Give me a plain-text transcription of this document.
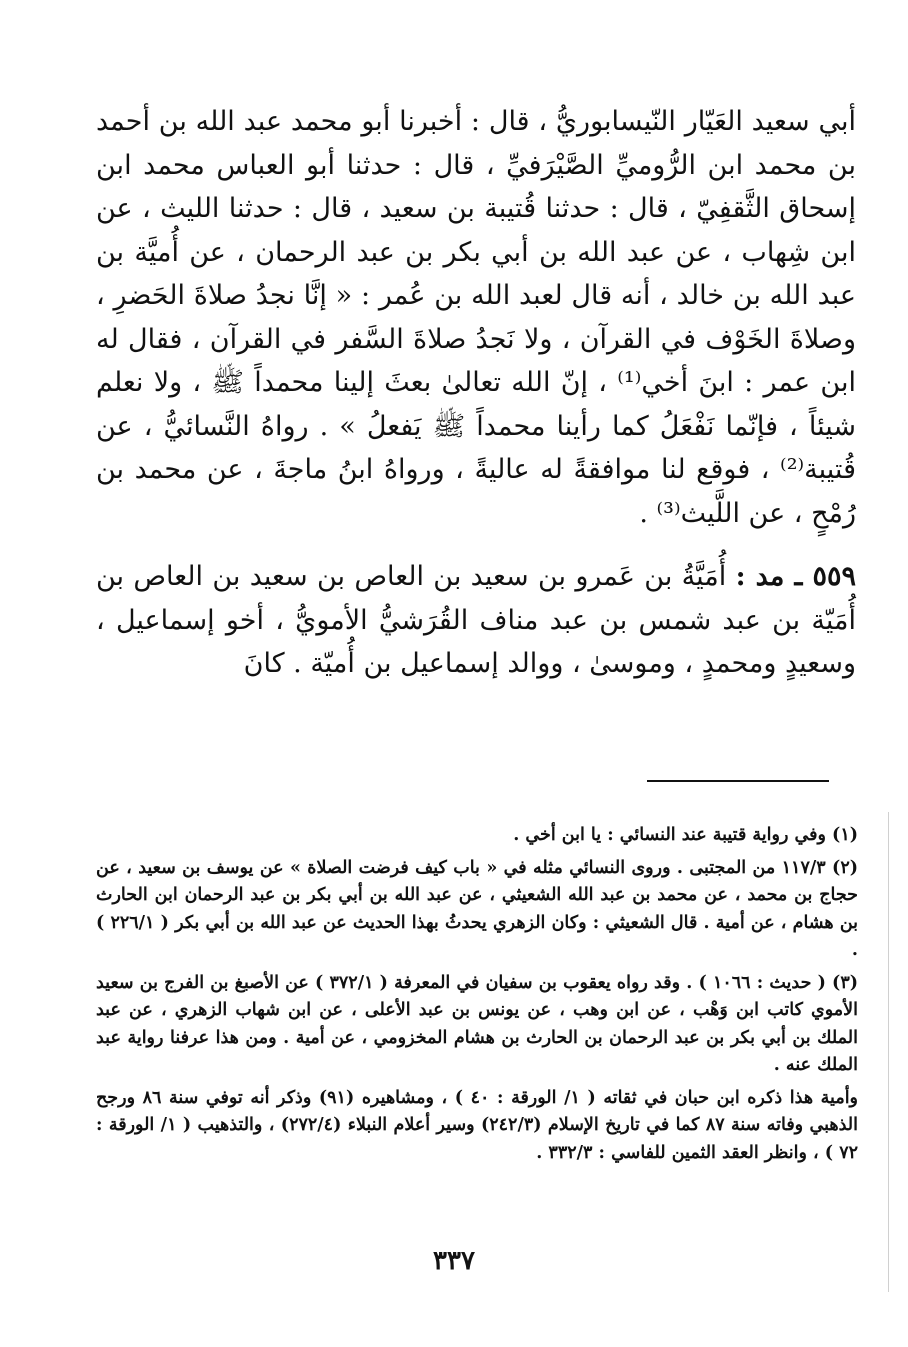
أبي سعيد العَيّار النّيسابوريُّ ، قال : أخبرنا أبو محمد عبد الله بن أحمد بن محمد ابن الرُّوميِّ الصَّيْرَفيِّ ، قال : حدثنا أبو العباس محمد ابن إسحاق الثَّقفِيّ ، قال : حدثنا قُتيبة بن سعيد ، قال : حدثنا الليث ، عن ابن شِهاب ، عن عبد الله بن أبي بكر بن عبد الرحمان ، عن أُميَّة بن عبد الله بن خالد ، أنه قال لعبد الله بن عُمر : « إنَّا نجدُ صلاةَ الحَضرِ ، وصلاةَ الخَوْف في القرآن ، ولا نَجدُ صلاةَ السَّفر في القرآن ، فقال له ابن عمر : ابنَ أخي⁽¹⁾ ، إنّ الله تعالىٰ بعثَ إلينا محمداً ﷺ ، ولا نعلم شيئاً ، فإنّما نَفْعَلُ كما رأينا محمداً ﷺ يَفعلُ » . رواهُ النَّسائيُّ ، عن قُتيبة⁽²⁾ ، فوقع لنا موافقةً له عاليةً ، ورواهُ ابنُ ماجةَ ، عن محمد بن رُمْحٍ ، عن اللَّيث⁽³⁾ .

٥٥٩ ـ مد : أُمَيَّةُ بن عَمرو بن سعيد بن العاص بن سعيد بن العاص بن أُمَيّة بن عبد شمس بن عبد مناف القُرَشيُّ الأمويُّ ، أخو إسماعيل ، وسعيدٍ ومحمدٍ ، وموسىٰ ، ووالد إسماعيل بن أُميّة . كانَ

(١) وفي رواية قتيبة عند النسائي : يا ابن أخي .

(٢) ١١٧/٣ من المجتبى . وروى النسائي مثله في « باب كيف فرضت الصلاة » عن يوسف بن سعيد ، عن حجاج بن محمد ، عن محمد بن عبد الله الشعيثي ، عن عبد الله بن أبي بكر بن عبد الرحمان ابن الحارث بن هشام ، عن أمية . قال الشعيثي : وكان الزهري يحدثُ بهذا الحديث عن عبد الله بن أبي بكر ( ٢٢٦/١ ) .

(٣) ( حديث : ١٠٦٦ ) . وقد رواه يعقوب بن سفيان في المعرفة ( ٣٧٢/١ ) عن الأصبغ بن الفرج بن سعيد الأموي كاتب ابن وَهْب ، عن ابن وهب ، عن يونس بن عبد الأعلى ، عن ابن شهاب الزهري ، عن عبد الملك بن أبي بكر بن عبد الرحمان بن الحارث بن هشام المخزومي ، عن أمية . ومن هذا عرفنا رواية عبد الملك عنه .

وأمية هذا ذكره ابن حبان في ثقاته ( ١/ الورقة : ٤٠ ) ، ومشاهيره (٩١) وذكر أنه توفي سنة ٨٦ ورجح الذهبي وفاته سنة ٨٧ كما في تاريخ الإسلام (٢٤٢/٣) وسير أعلام النبلاء (٢٧٢/٤) ، والتذهيب ( ١/ الورقة : ٧٢ ) ، وانظر العقد الثمين للفاسي : ٣٣٢/٣ .

٣٣٧
